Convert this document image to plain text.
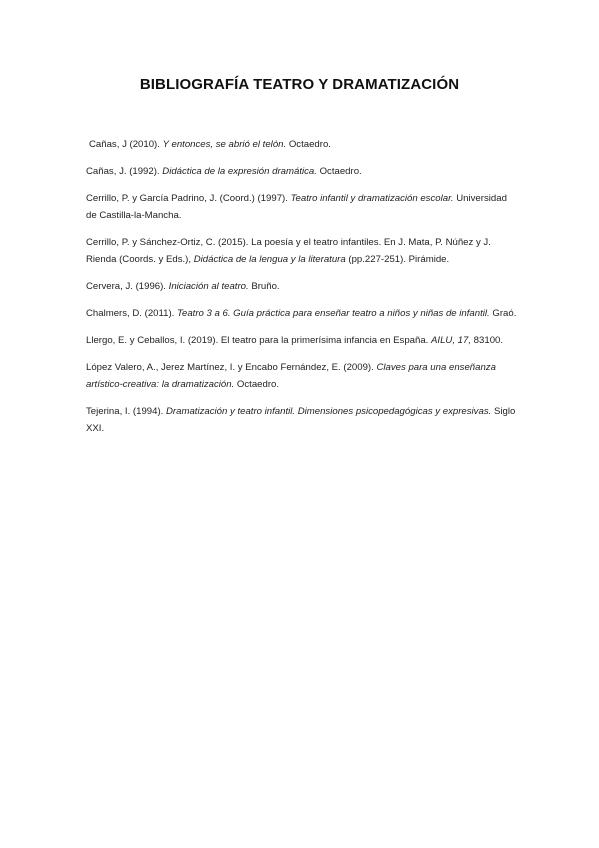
BIBLIOGRAFÍA TEATRO Y DRAMATIZACIÓN

Cañas, J (2010). Y entonces, se abrió el telón. Octaedro.

Cañas, J. (1992). Didáctica de la expresión dramática. Octaedro.

Cerrillo, P. y García Padrino, J. (Coord.) (1997). Teatro infantil y dramatización escolar. Universidad de Castilla-la-Mancha.

Cerrillo, P. y Sánchez-Ortiz, C. (2015). La poesía y el teatro infantiles. En J. Mata, P. Núñez y J. Rienda (Coords. y Eds.), Didáctica de la lengua y la literatura (pp.227-251). Pirámide.

Cervera, J. (1996). Iniciación al teatro. Bruño.

Chalmers, D. (2011). Teatro 3 a 6. Guía práctica para enseñar teatro a niños y niñas de infantil. Graó.

Llergo, E. y Ceballos, I. (2019). El teatro para la primerísima infancia en España. AILU, 17, 83100.

López Valero, A., Jerez Martínez, I. y Encabo Fernández, E. (2009). Claves para una enseñanza artístico-creativa: la dramatización. Octaedro.

Tejerina, I. (1994). Dramatización y teatro infantil. Dimensiones psicopedagógicas y expresivas. Siglo XXI.
